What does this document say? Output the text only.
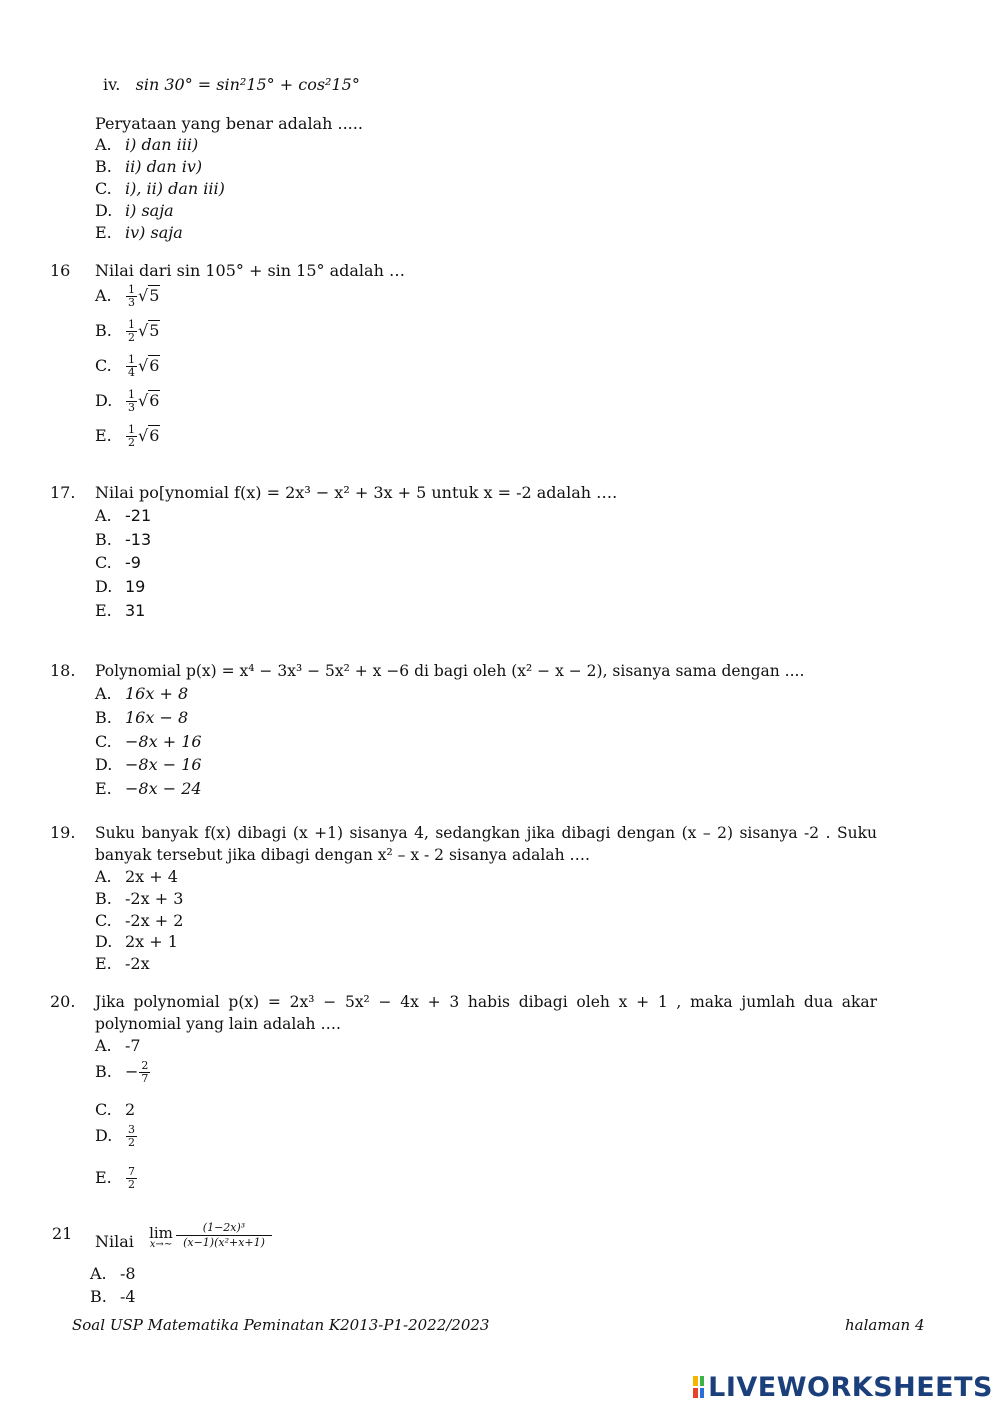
iv. sin 30° = sin²15° + cos²15°
Peryataan yang benar adalah .....
A. i) dan iii)
B. ii) dan iv)
C. i), ii) dan iii)
D. i) saja
E. iv) saja
16 Nilai dari sin 105° + sin 15° adalah …
A. $\frac{1}{3} √5$
B. $\frac{1}{2} √5$
C. $\frac{1}{4} √6$
D. $\frac{1}{3} √6$
E. $\frac{1}{2} √6$
17. Nilai po[ynomial f(x) = 2x³ − x² + 3x + 5 untuk x = -2 adalah ….
A. -21
B. -13
C. -9
D. 19
E. 31
18. Polynomial p(x) = x⁴ − 3x³ − 5x² + x −6 di bagi oleh (x² − x − 2), sisanya sama dengan ....
A. 16x + 8
B. 16x − 8
C. −8x + 16
D. −8x − 16
E. −8x − 24
19. Suku banyak f(x) dibagi (x +1) sisanya 4, sedangkan jika dibagi dengan (x – 2) sisanya -2 . Suku
banyak tersebut jika dibagi dengan x² – x - 2 sisanya adalah ….
A. 2x + 4
B. -2x + 3
C. -2x + 2
D. 2x + 1
E. -2x
20. Jika polynomial p(x) = 2x³ − 5x² − 4x + 3 habis dibagi oleh x + 1 , maka jumlah dua akar
polynomial yang lain adalah ….
A. -7
B. − $\frac{2}{7}$
C. 2
D. $\frac{3}{2}$
E. $\frac{7}{2}$
21 Nilai lim
x→∼
(1−2x)³
(x−1)(x²+x+1)
A. -8
B. -4
Soal USP Matematika Peminatan K2013-P1-2022/2023	halaman 4
LIVEWORKSHEETS
